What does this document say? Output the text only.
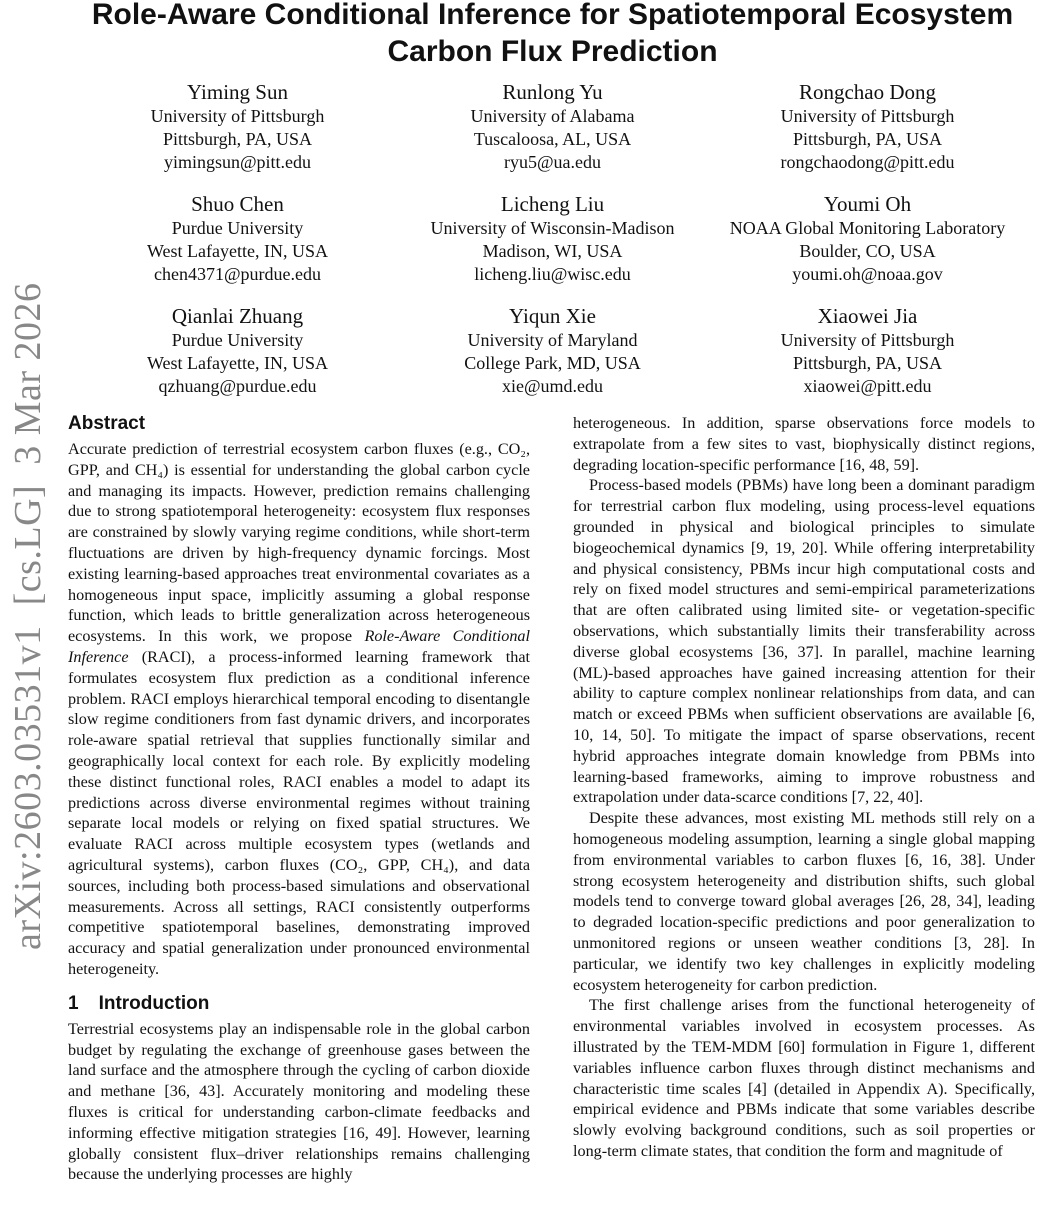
arXiv:2603.03531v1  [cs.LG]  3 Mar 2026
Role-Aware Conditional Inference for Spatiotemporal Ecosystem Carbon Flux Prediction
Yiming Sun
University of Pittsburgh
Pittsburgh, PA, USA
yimingsun@pitt.edu
Runlong Yu
University of Alabama
Tuscaloosa, AL, USA
ryu5@ua.edu
Rongchao Dong
University of Pittsburgh
Pittsburgh, PA, USA
rongchaodong@pitt.edu
Shuo Chen
Purdue University
West Lafayette, IN, USA
chen4371@purdue.edu
Licheng Liu
University of Wisconsin-Madison
Madison, WI, USA
licheng.liu@wisc.edu
Youmi Oh
NOAA Global Monitoring Laboratory
Boulder, CO, USA
youmi.oh@noaa.gov
Qianlai Zhuang
Purdue University
West Lafayette, IN, USA
qzhuang@purdue.edu
Yiqun Xie
University of Maryland
College Park, MD, USA
xie@umd.edu
Xiaowei Jia
University of Pittsburgh
Pittsburgh, PA, USA
xiaowei@pitt.edu
Abstract

Accurate prediction of terrestrial ecosystem carbon fluxes (e.g., CO₂, GPP, and CH₄) is essential for understanding the global carbon cycle and managing its impacts. However, prediction remains challenging due to strong spatiotemporal heterogeneity: ecosystem flux responses are constrained by slowly varying regime conditions, while short-term fluctuations are driven by high-frequency dynamic forcings. Most existing learning-based approaches treat environmental covariates as a homogeneous input space, implicitly assuming a global response function, which leads to brittle generalization across heterogeneous ecosystems. In this work, we propose Role-Aware Conditional Inference (RACI), a process-informed learning framework that formulates ecosystem flux prediction as a conditional inference problem. RACI employs hierarchical temporal encoding to disentangle slow regime conditioners from fast dynamic drivers, and incorporates role-aware spatial retrieval that supplies functionally similar and geographically local context for each role. By explicitly modeling these distinct functional roles, RACI enables a model to adapt its predictions across diverse environmental regimes without training separate local models or relying on fixed spatial structures. We evaluate RACI across multiple ecosystem types (wetlands and agricultural systems), carbon fluxes (CO₂, GPP, CH₄), and data sources, including both process-based simulations and observational measurements. Across all settings, RACI consistently outperforms competitive spatiotemporal baselines, demonstrating improved accuracy and spatial generalization under pronounced environmental heterogeneity.

1 Introduction

Terrestrial ecosystems play an indispensable role in the global carbon budget by regulating the exchange of greenhouse gases between the land surface and the atmosphere through the cycling of carbon dioxide and methane [36, 43]. Accurately monitoring and modeling these fluxes is critical for understanding carbon-climate feedbacks and informing effective mitigation strategies [16, 49]. However, learning globally consistent flux–driver relationships remains challenging because the underlying processes are highly

heterogeneous. In addition, sparse observations force models to extrapolate from a few sites to vast, biophysically distinct regions, degrading location-specific performance [16, 48, 59].

Process-based models (PBMs) have long been a dominant paradigm for terrestrial carbon flux modeling, using process-level equations grounded in physical and biological principles to simulate biogeochemical dynamics [9, 19, 20]. While offering interpretability and physical consistency, PBMs incur high computational costs and rely on fixed model structures and semi-empirical parameterizations that are often calibrated using limited site- or vegetation-specific observations, which substantially limits their transferability across diverse global ecosystems [36, 37]. In parallel, machine learning (ML)-based approaches have gained increasing attention for their ability to capture complex nonlinear relationships from data, and can match or exceed PBMs when sufficient observations are available [6, 10, 14, 50]. To mitigate the impact of sparse observations, recent hybrid approaches integrate domain knowledge from PBMs into learning-based frameworks, aiming to improve robustness and extrapolation under data-scarce conditions [7, 22, 40].

Despite these advances, most existing ML methods still rely on a homogeneous modeling assumption, learning a single global mapping from environmental variables to carbon fluxes [6, 16, 38]. Under strong ecosystem heterogeneity and distribution shifts, such global models tend to converge toward global averages [26, 28, 34], leading to degraded location-specific predictions and poor generalization to unmonitored regions or unseen weather conditions [3, 28]. In particular, we identify two key challenges in explicitly modeling ecosystem heterogeneity for carbon prediction.

The first challenge arises from the functional heterogeneity of environmental variables involved in ecosystem processes. As illustrated by the TEM-MDM [60] formulation in Figure 1, different variables influence carbon fluxes through distinct mechanisms and characteristic time scales [4] (detailed in Appendix A). Specifically, empirical evidence and PBMs indicate that some variables describe slowly evolving background conditions, such as soil properties or long-term climate states, that condition the form and magnitude of
